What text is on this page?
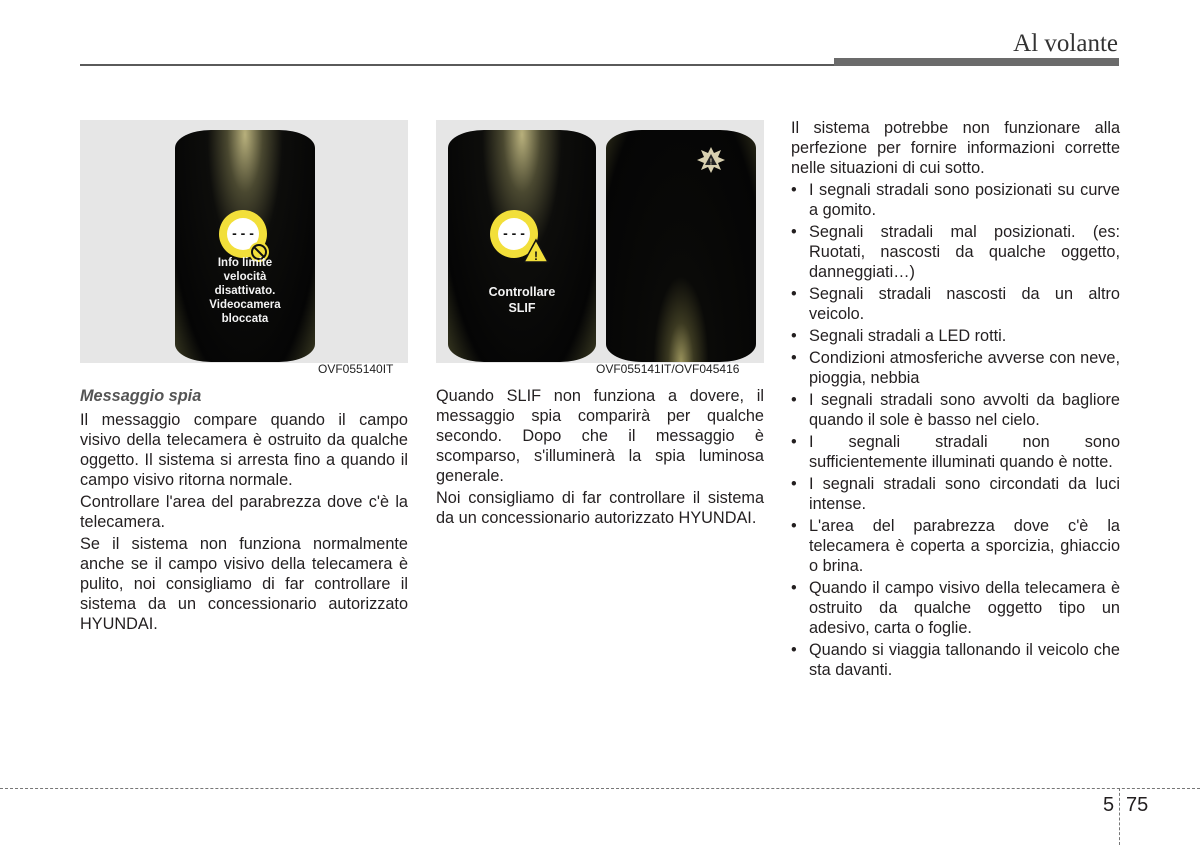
Al volante
- - -
Info limite
velocità
disattivato.
Videocamera
bloccata
OVF055140IT
- - -
!
Controllare
SLIF
!
OVF055141IT/OVF045416

Messaggio spia

Il messaggio compare quando il campo visivo della telecamera è ostruito da qualche oggetto. Il sistema si arresta fino a quando il campo visivo ritorna normale.

Controllare l'area del parabrezza dove c'è la telecamera.

Se il sistema non funziona normalmente anche se il campo visivo della telecamera è pulito, noi consigliamo di far controllare il sistema da un concessionario autorizzato HYUNDAI.

Quando SLIF non funziona a dovere, il messaggio spia comparirà per qualche secondo. Dopo che il messaggio è scomparso, s'illuminerà la spia luminosa generale.

Noi consigliamo di far controllare il sistema da un concessionario autorizzato HYUNDAI.

Il sistema potrebbe non funzionare alla perfezione per fornire informazioni corrette nelle situazioni di cui sotto.

• I segnali stradali sono posizionati su curve a gomito.
• Segnali stradali mal posizionati. (es: Ruotati, nascosti da qualche oggetto, danneggiati…)
• Segnali stradali nascosti da un altro veicolo.
• Segnali stradali a LED rotti.
• Condizioni atmosferiche avverse con neve, pioggia, nebbia
• I segnali stradali sono avvolti da bagliore quando il sole è basso nel cielo.
• I segnali stradali non sono sufficientemente illuminati quando è notte.
• I segnali stradali sono circondati da luci intense.
• L'area del parabrezza dove c'è la telecamera è coperta a sporcizia, ghiaccio o brina.
• Quando il campo visivo della telecamera è ostruito da qualche oggetto tipo un adesivo, carta o foglie.
• Quando si viaggia tallonando il veicolo che sta davanti.
5 75
